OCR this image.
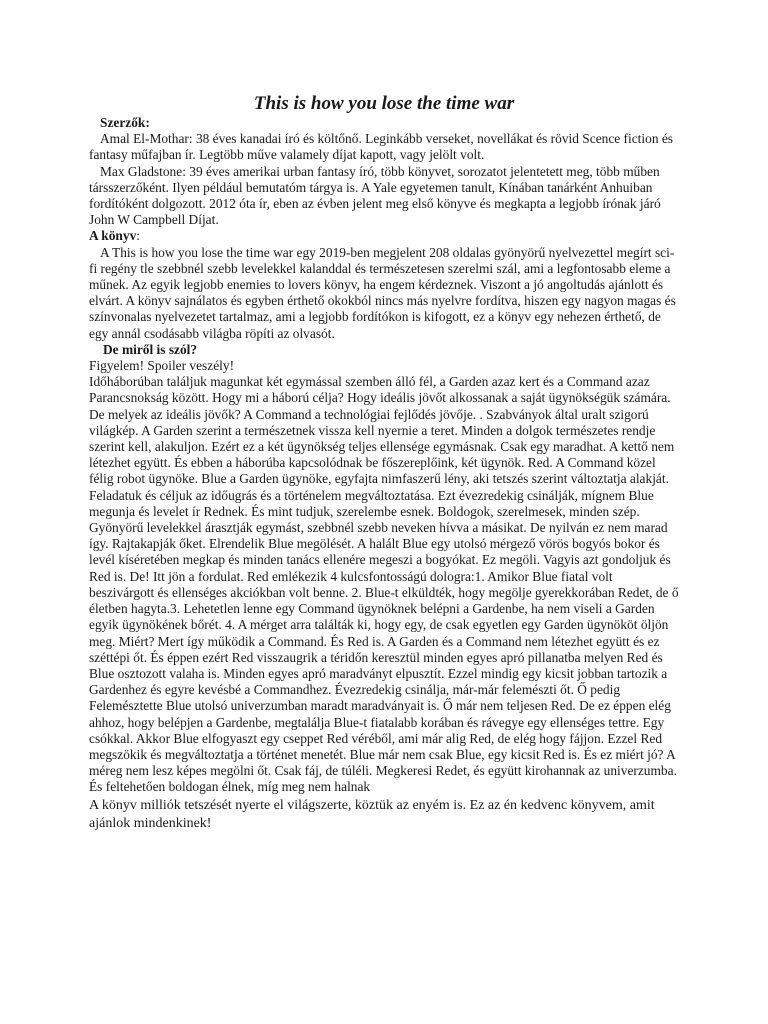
This is how you lose the time war
Szerzők:

Amal El-Mothar: 38 éves kanadai író és költőnő. Leginkább verseket, novellákat és rövid Scence fiction és fantasy műfajban ír. Legtöbb műve valamely díjat kapott, vagy jelölt volt.

Max Gladstone: 39 éves amerikai urban fantasy író, több könyvet, sorozatot jelentetett meg, több műben társszerzőként. Ilyen például bemutatóm tárgya is. A Yale egyetemen tanult, Kínában tanárként Anhuiban fordítóként dolgozott. 2012 óta ír, eben az évben jelent meg első könyve és megkapta a legjobb írónak járó John W Campbell Díjat.

A könyv:

A This is how you lose the time war egy 2019-ben megjelent 208 oldalas gyönyörű nyelvezettel megírt sci-fi regény tle szebbnél szebb levelekkel kalanddal és természetesen szerelmi szál, ami a legfontosabb eleme a műnek. Az egyik legjobb enemies to lovers könyv, ha engem kérdeznek. Viszont a jó angoltudás ajánlott és elvárt. A könyv sajnálatos és egyben érthető okokból nincs más nyelvre fordítva, hiszen egy nagyon magas és színvonalas nyelvezetet tartalmaz, ami a legjobb fordítókon is kifogott, ez a könyv egy nehezen érthető, de egy annál csodásabb világba röpíti az olvasót.

De miről is szól?

Figyelem! Spoiler veszély!

Időháborúban találjuk magunkat két egymással szemben álló fél, a Garden azaz kert és a Command azaz Parancsnokság között. Hogy mi a háború célja? Hogy ideális jövőt alkossanak a saját ügynökségük számára. De melyek az ideális jövők? A Command a technológiai fejlődés jövője. . Szabványok által uralt szigorú világkép. A Garden szerint a természetnek vissza kell nyernie a teret. Minden a dolgok természetes rendje szerint kell, alakuljon. Ezért ez a két ügynökség teljes ellensége egymásnak. Csak egy maradhat. A kettő nem létezhet együtt. És ebben a háborúba kapcsolódnak be főszereplőink, két ügynök. Red. A Command közel félig robot ügynöke. Blue a Garden ügynöke, egyfajta nimfaszerű lény, aki tetszés szerint változtatja alakját. Feladatuk és céljuk az időugrás és a történelem megváltoztatása. Ezt évezredekig csinálják, mígnem Blue megunja és levelet ír Rednek. És mint tudjuk, szerelembe esnek. Boldogok, szerelmesek, minden szép. Gyönyörű levelekkel árasztják egymást, szebbnél szebb neveken hívva a másikat. De nyilván ez nem marad így. Rajtakapják őket. Elrendelik Blue megölését. A halált Blue egy utolsó mérgező vörös bogyós bokor és levél kíséretében megkap és minden tanács ellenére megeszi a bogyókat. Ez megöli. Vagyis azt gondoljuk és Red is. De! Itt jön a fordulat. Red emlékezik 4 kulcsfontosságú dologra:1. Amikor Blue fiatal volt beszivárgott és ellenséges akciókban volt benne. 2. Blue-t elküldték, hogy megölje gyerekkorában Redet, de ő életben hagyta.3. Lehetetlen lenne egy Command ügynöknek belépni a Gardenbe, ha nem viseli a Garden egyik ügynökének bőrét. 4. A mérget arra találták ki, hogy egy, de csak egyetlen egy Garden ügynököt öljön meg. Miért? Mert így működik a Command. És Red is. A Garden és a Command nem létezhet együtt és ez széttépi őt. És éppen ezért Red visszaugrik a téridőn keresztül minden egyes apró pillanatba melyen Red és Blue osztozott valaha is. Minden egyes apró maradványt elpusztít. Ezzel mindig egy kicsit jobban tartozik a Gardenhez és egyre kevésbé a Commandhez. Évezredekig csinálja, már-már felemészti őt. Ő pedig Felemésztette Blue utolsó univerzumban maradt maradványait is. Ő már nem teljesen Red. De ez éppen elég ahhoz, hogy belépjen a Gardenbe, megtalálja Blue-t fiatalabb korában és rávegye egy ellenséges tettre. Egy csókkal. Akkor Blue elfogyaszt egy cseppet Red véréből, ami már alig Red, de elég hogy fájjon. Ezzel Red megszökik és megváltoztatja a történet menetét. Blue már nem csak Blue, egy kicsit Red is. És ez miért jó? A méreg nem lesz képes megölni őt. Csak fáj, de túléli. Megkeresi Redet, és együtt kirohannak az univerzumba. És feltehetően boldogan élnek, míg meg nem halnak

A könyv milliók tetszését nyerte el világszerte, köztük az enyém is. Ez az én kedvenc könyvem, amit ajánlok mindenkinek!
